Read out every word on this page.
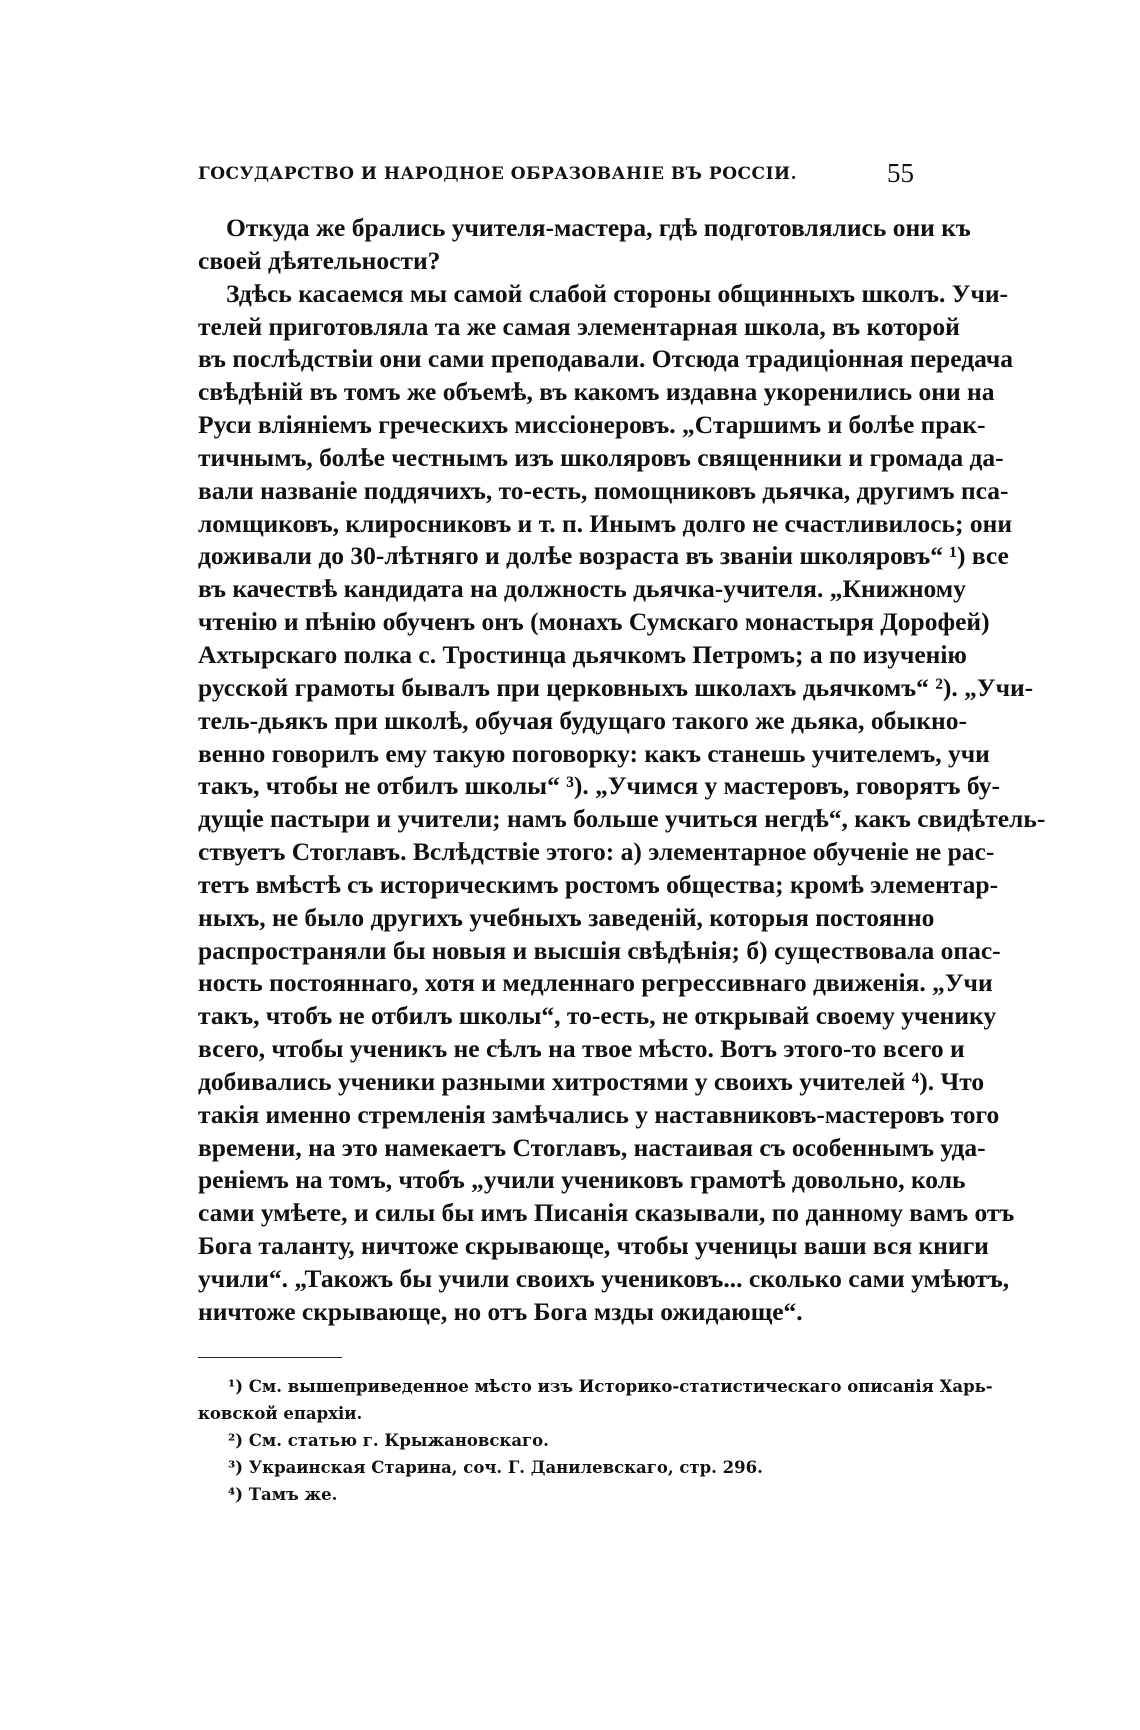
ГОСУДАРСТВО И НАРОДНОЕ ОБРАЗОВАНІЕ ВЪ РОССІИ.	55
Откуда же брались учителя-мастера, гдѣ подготовлялись они къ
своей дѣятельности?
Здѣсь касаемся мы самой слабой стороны общинныхъ школъ. Учи-
телей приготовляла та же самая элементарная школа, въ которой
въ послѣдствіи они сами преподавали. Отсюда традиціонная передача
свѣдѣній въ томъ же объемѣ, въ какомъ издавна укоренились они на
Руси вліяніемъ греческихъ миссіонеровъ. „Старшимъ и болѣе прак-
тичнымъ, болѣе честнымъ изъ школяровъ священники и громада да-
вали названіе поддячихъ, то-есть, помощниковъ дьячка, другимъ пса-
ломщиковъ, клиросниковъ и т. п. Инымъ долго не счастливилось; они
доживали до 30-лѣтняго и долѣе возраста въ званіи школяровъ“ ¹) все
въ качествѣ кандидата на должность дьячка-учителя. „Книжному
чтенію и пѣнію обученъ онъ (монахъ Сумскаго монастыря Дорофей)
Ахтырскаго полка с. Тростинца дьячкомъ Петромъ; а по изученію
русской грамоты бывалъ при церковныхъ школахъ дьячкомъ“ ²). „Учи-
тель-дьякъ при школѣ, обучая будущаго такого же дьяка, обыкно-
венно говорилъ ему такую поговорку: какъ станешь учителемъ, учи
такъ, чтобы не отбилъ школы“ ³). „Учимся у мастеровъ, говорятъ бу-
дущіе пастыри и учители; намъ больше учиться негдѣ“, какъ свидѣтель-
ствуетъ Стоглавъ. Вслѣдствіе этого: а) элементарное обученіе не рас-
тетъ вмѣстѣ съ историческимъ ростомъ общества; кромѣ элементар-
ныхъ, не было другихъ учебныхъ заведеній, которыя постоянно
распространяли бы новыя и высшія свѣдѣнія; б) существовала опас-
ность постояннаго, хотя и медленнаго регрессивнаго движенія. „Учи
такъ, чтобъ не отбилъ школы“, то-есть, не открывай своему ученику
всего, чтобы ученикъ не сѣлъ на твое мѣсто. Вотъ этого-то всего и
добивались ученики разными хитростями у своихъ учителей ⁴). Что
такія именно стремленія замѣчались у наставниковъ-мастеровъ того
времени, на это намекаетъ Стоглавъ, настаивая съ особеннымъ уда-
реніемъ на томъ, чтобъ „учили учениковъ грамотѣ довольно, коль
сами умѣете, и силы бы имъ Писанія сказывали, по данному вамъ отъ
Бога таланту, ничтоже скрывающе, чтобы ученицы ваши вся книги
учили“. „Такожъ бы учили своихъ учениковъ... сколько сами умѣютъ,
ничтоже скрывающе, но отъ Бога мзды ожидающе“.
¹) См. вышеприведенное мѣсто изъ Историко-статистическаго описанія Харь-
ковской епархіи.
²) См. статью г. Крыжановскаго.
³) Украинская Старина, соч. Г. Данилевскаго, стр. 296.
⁴) Тамъ же.
